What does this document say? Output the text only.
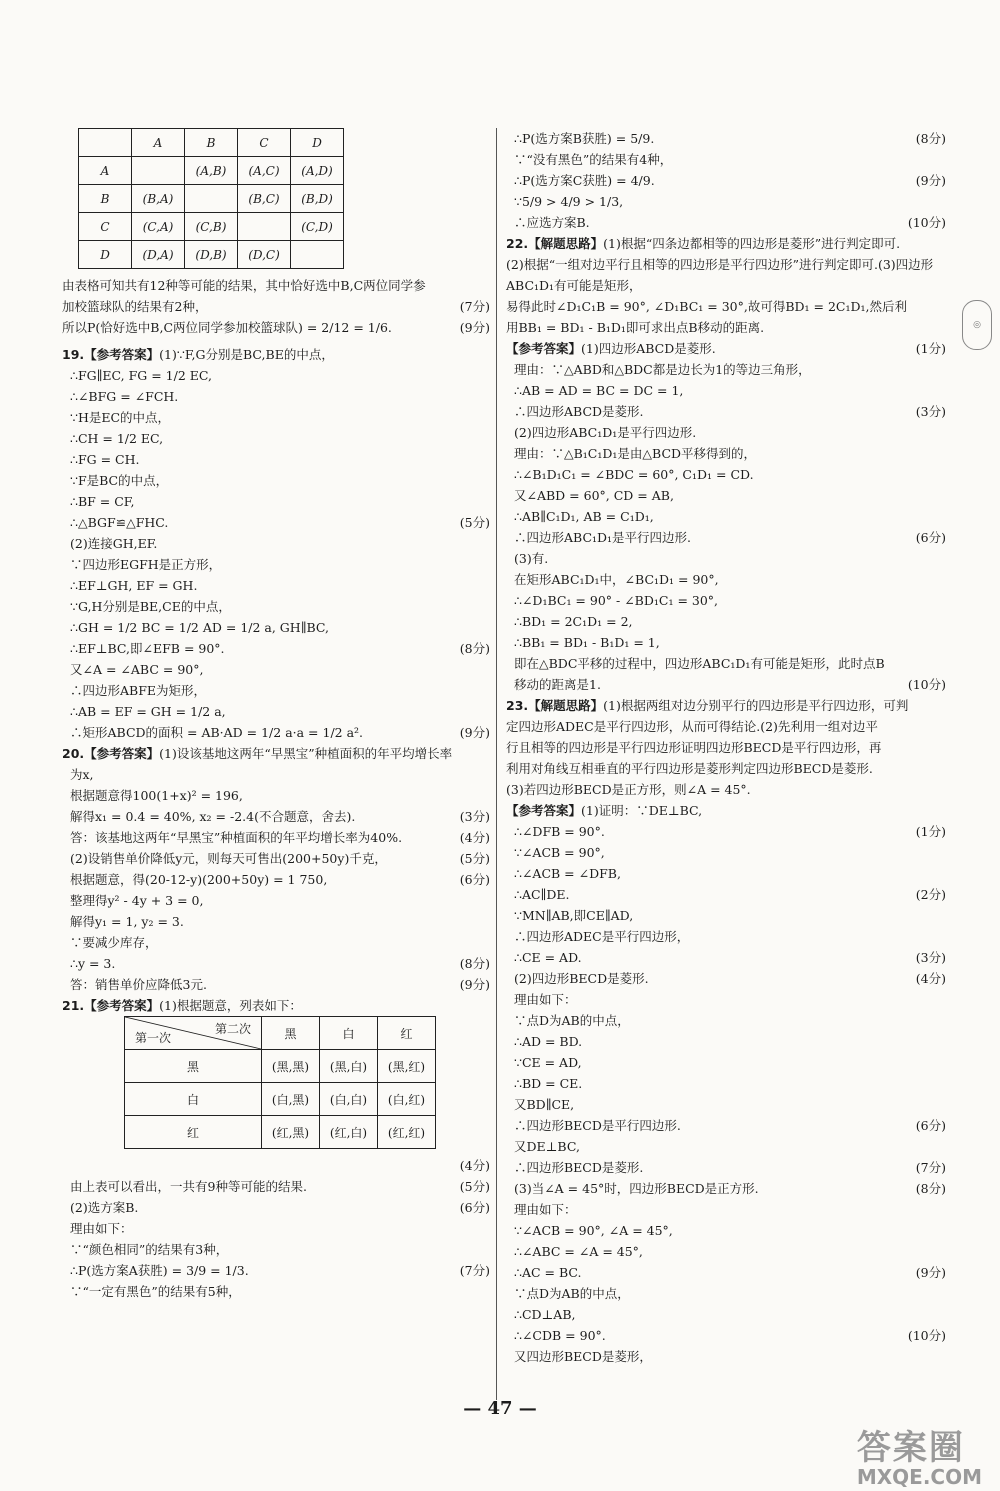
	A	B	C	D
A		(A,B)	(A,C)	(A,D)
B	(B,A)		(B,C)	(B,D)
C	(C,A)	(C,B)		(C,D)
D	(D,A)	(D,B)	(D,C)	
由表格可知共有12种等可能的结果，其中恰好选中B,C两位同学参
加校篮球队的结果有2种，	(7分)
所以P(恰好选中B,C两位同学参加校篮球队) = 2/12 = 1/6.	(9分)
19.【参考答案】(1)∵F,G分别是BC,BE的中点，
∴FG∥EC, FG = 1/2 EC,
∴∠BFG = ∠FCH.
∵H是EC的中点，
∴CH = 1/2 EC,
∴FG = CH.
∵F是BC的中点，
∴BF = CF,
∴△BGF≌△FHC.	(5分)
(2)连接GH,EF.
∵四边形EGFH是正方形，
∴EF⊥GH, EF = GH.
∵G,H分别是BE,CE的中点，
∴GH = 1/2 BC = 1/2 AD = 1/2 a, GH∥BC,
∴EF⊥BC,即∠EFB = 90°.	(8分)
又∠A = ∠ABC = 90°,
∴四边形ABFE为矩形，
∴AB = EF = GH = 1/2 a,
∴矩形ABCD的面积 = AB·AD = 1/2 a·a = 1/2 a².	(9分)
20.【参考答案】(1)设该基地这两年“早黑宝”种植面积的年平均增长率
为x,
根据题意得100(1+x)² = 196,
解得x₁ = 0.4 = 40%, x₂ = -2.4(不合题意，舍去).	(3分)
答：该基地这两年“早黑宝”种植面积的年平均增长率为40%.	(4分)
(2)设销售单价降低y元，则每天可售出(200+50y)千克，	(5分)
根据题意，得(20-12-y)(200+50y) = 1 750,	(6分)
整理得y² - 4y + 3 = 0,
解得y₁ = 1, y₂ = 3.
∵要减少库存，
∴y = 3.	(8分)
答：销售单价应降低3元.	(9分)
21.【参考答案】(1)根据题意，列表如下：
第二次
第一次	黑	白	红
黑	(黑,黑)	(黑,白)	(黑,红)
白	(白,黑)	(白,白)	(白,红)
红	(红,黑)	(红,白)	(红,红)
(4分)
由上表可以看出，一共有9种等可能的结果.	(5分)
(2)选方案B.	(6分)
理由如下：
∵“颜色相同”的结果有3种，
∴P(选方案A获胜) = 3/9 = 1/3.	(7分)
∵“一定有黑色”的结果有5种，
∴P(选方案B获胜) = 5/9.	(8分)
∵“没有黑色”的结果有4种，
∴P(选方案C获胜) = 4/9.	(9分)
∵5/9 > 4/9 > 1/3,
∴应选方案B.	(10分)
22.【解题思路】(1)根据“四条边都相等的四边形是菱形”进行判定即可.
(2)根据“一组对边平行且相等的四边形是平行四边形”进行判定即可.(3)四边形ABC₁D₁有可能是矩形，
易得此时∠D₁C₁B = 90°, ∠D₁BC₁ = 30°,故可得BD₁ = 2C₁D₁,然后利
用BB₁ = BD₁ - B₁D₁即可求出点B移动的距离.
【参考答案】(1)四边形ABCD是菱形.	(1分)
理由：∵△ABD和△BDC都是边长为1的等边三角形，
∴AB = AD = BC = DC = 1,
∴四边形ABCD是菱形.	(3分)
(2)四边形ABC₁D₁是平行四边形.
理由：∵△B₁C₁D₁是由△BCD平移得到的，
∴∠B₁D₁C₁ = ∠BDC = 60°, C₁D₁ = CD.
又∠ABD = 60°, CD = AB,
∴AB∥C₁D₁, AB = C₁D₁,
∴四边形ABC₁D₁是平行四边形.	(6分)
(3)有.
在矩形ABC₁D₁中，∠BC₁D₁ = 90°,
∴∠D₁BC₁ = 90° - ∠BD₁C₁ = 30°,
∴BD₁ = 2C₁D₁ = 2,
∴BB₁ = BD₁ - B₁D₁ = 1,
即在△BDC平移的过程中，四边形ABC₁D₁有可能是矩形，此时点B
移动的距离是1.	(10分)
23.【解题思路】(1)根据两组对边分别平行的四边形是平行四边形，可判
定四边形ADEC是平行四边形，从而可得结论.(2)先利用一组对边平
行且相等的四边形是平行四边形证明四边形BECD是平行四边形，再
利用对角线互相垂直的平行四边形是菱形判定四边形BECD是菱形.
(3)若四边形BECD是正方形，则∠A = 45°.
【参考答案】(1)证明：∵DE⊥BC,
∴∠DFB = 90°.	(1分)
∵∠ACB = 90°,
∴∠ACB = ∠DFB,
∴AC∥DE.	(2分)
∵MN∥AB,即CE∥AD,
∴四边形ADEC是平行四边形，
∴CE = AD.	(3分)
(2)四边形BECD是菱形.	(4分)
理由如下：
∵点D为AB的中点，
∴AD = BD.
∵CE = AD,
∴BD = CE.
又BD∥CE,
∴四边形BECD是平行四边形.	(6分)
又DE⊥BC,
∴四边形BECD是菱形.	(7分)
(3)当∠A = 45°时，四边形BECD是正方形.	(8分)
理由如下：
∵∠ACB = 90°, ∠A = 45°,
∴∠ABC = ∠A = 45°,
∴AC = BC.	(9分)
∵点D为AB的中点，
∴CD⊥AB,
∴∠CDB = 90°.	(10分)
又四边形BECD是菱形，
◎
— 47 —
答案圈
MXQE.COM
